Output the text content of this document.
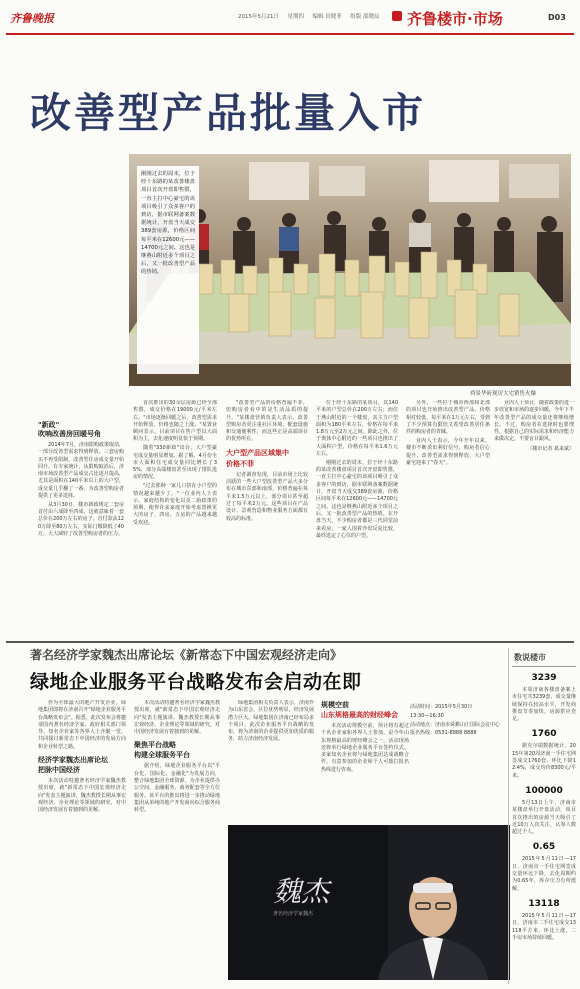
齐鲁晚报	2015年5月21日 星期四 编辑 田晓菲 组版 邵晓辰 齐鲁楼市·市场	D03
改善型产品批量入市
刚刚过去的周末，位于经十东路的某改善楼盘项目首次开盘即售罄，一直主打中心豪宅的该项目吸引了众多客户的到访，据市联网备案数据统计，开盘当天成交389套房源，价格区间每平米在12600元——14700元之间。这也是继燕山附近多个项目之后，又一批改善型产品的热销。
舜景华府现房大宅销售火爆
"新政"
吹响改善房回暖号角

2014年7月，济南限购政策取消，一部分改善型需求得到释放。三套房购买不再受限制，改善型住房成交量开始回升。有专家统计，从限购取消后，济南市场改善型产品成交占比逐月提高，尤其是面积在140平米以上的大户型，成交量几乎翻了一番，为改善型购房者提供了更多选择。

从3月30日，楼市新政规定二套房首付由六成降至四成，这就意味着一套总价在200万左右的房子，首付款从120万降至80万左右，实际门槛降低了40万，大大减轻了改善型购房者的压力。

首次推出的30余层房源已经全部售罄，成交价格在19000元/平米左右。"市场逐渐回暖之后，改善型需求开始释放，价格也随之上涨。"某置业顾问表示。目前项目在售户型以大面积为主，去化速度明显快于预期。

随着"330新政"出台，大户型豪宅成交量明显增加。据了解，4月份全市大面积住宅成交量同比增长了35%，部分高端楼盘甚至出现了排队选房的情况。

"过去那种一家几口挤在小户型的情况越来越少了。"一位业内人士表示，家庭结构的变化以及二胎政策的预期，使得许多家庭开始考虑置换更大的房子，四房、五房的产品越来越受欢迎。

"改善型产品的价格普遍不菲，但购房者看中的是生活品质的提升。"某楼盘营销负责人表示，改善型购房者更注重社区环境、配套设施和交通便利性，而这些正是高端项目的优势所在。

大户型产品区域集中
价格不菲

记者调查发现，目前市场上比较活跃的一些大户型改善型产品大多分布在城市东部和南部，价格普遍在每平米1.5万元以上，部分项目甚至超过了每平米2万元。这些项目在产品设计、景观营造和物业服务方面都有较高的标准。

位于经十东路的某项目，其140平米的户型总价在200万左右；而位于燕山附近的一个楼盘，其主力户型面积为180平米左右，价格在每平米1.8万元至2万元之间。除此之外，位于奥体中心附近的一些项目也推出了大面积户型，价格在每平米1.6万元左右。

刚刚过去的周末，位于经十东路的某改善楼盘项目首次开盘即售罄，一直主打中心豪宅的该项目吸引了众多客户的到访，据市联网备案数据统计，开盘当天成交389套房源，价格区间每平米在12600元——14700元之间。这也是继燕山附近多个项目之后，又一批改善型产品的热销。在开盘当天，不少购房者都是三代同堂前来看房，一家人围着沙盘反复比较，最终选定了心仪的户型。

另外，一些位于城市西部和北部的项目也开始推出改善型产品，价格相对较低，每平米在1万元左右，受到了不少预算有限但又希望改善居住条件的购房者的青睐。

业内人士表示，今年开年以来，楼市不断放出利好信号，购房者信心提升，改善型需求得到释放，大户型豪宅迎来了"春天"。

业内人士预计，随着政策的进一步放宽和市场的逐步回暖，今年下半年改善型产品的成交量还将继续增长。不过，购房者在选择时也要理性，根据自己的实际需求和经济能力来做决定，不要盲目跟风。

（楼市记者 葛来斌）
著名经济学家魏杰出席论坛《新常态下中国宏观经济走向》
绿地企业服务平台战略发布会启动在即

作为全球最大的地产开发企业，绿地集团即将在济南召开"绿地企业服务平台战略发布会"。据悉，此次发布会将邀请国内著名经济学家、政府相关部门领导、知名企业家等各界人士齐聚一堂，共同探讨新常态下中国经济的发展方向和企业转型之路。

经济学家魏杰出席论坛
把脉中国经济

本次活动特邀著名经济学家魏杰教授出席，就"新常态下中国宏观经济走向"发表主题演讲。魏杰教授长期从事宏观经济、企业理论等领域的研究，对中国经济发展有着独到的见解。

本次活动特邀著名经济学家魏杰教授出席，就"新常态下中国宏观经济走向"发表主题演讲。魏杰教授长期从事宏观经济、企业理论等领域的研究，对中国经济发展有着独到的见解。

聚焦平台战略
构建全球服务平台

据介绍，绿地企业服务平台以"平台化、国际化、金融化"为发展方向，整合绿地集团全球资源，为企业提供办公空间、金融服务、商务配套等全方位服务。该平台的推出将进一步推动绿地集团从单纯的地产开发商向综合服务商转型。

绿地集团相关负责人表示，济南作为山东省会，区位优势明显，经济发展潜力巨大。绿地集团在济南已经布局多个项目，此次企业服务平台战略的发布，将为济南的企业提供更加优质的服务，助力济南经济发展。

规模空前
山东规格最高的财经峰会

本次活动规模空前，预计将有超过千名企业家和各界人士参加，是今年山东规格最高的财经峰会之一。活动现场还将举行绿地企业服务平台签约仪式，多家知名企业将与绿地集团达成战略合作。有意参加的企业和个人可拨打报名热线进行咨询。

活动时间：2015年5月30日

13:30—16:30

活动地点：济南市舜耕山庄国际会议中心

报名热线：0531-8888 8888

魏杰
著名经济学家魏杰
数说楼市
3239
本周济南各楼盘备案上市住宅共3239套，成交量继续保持在较高水平，开发商推盘节奏加快，房源供应充足。
1760
据克尔瑞数据统计，2015年第20周济南一手住宅网签成交1760套，环比下降12.4%，成交均价8300元/平米。
100000
5月13日上午，济南市某楼盘举行开盘活动，项目首次推出的房源当天吸引了近10万人次关注，认筹人数超过千人。
0.65
2015年5月11日—17日，济南市一手住宅网签成交量环比下降，去化周期约为0.65年，库存压力有所缓解。
13118
2015年5月11日—17日，济南市二手住宅成交13118平方米，环比上涨，二手房市场持续回暖。
